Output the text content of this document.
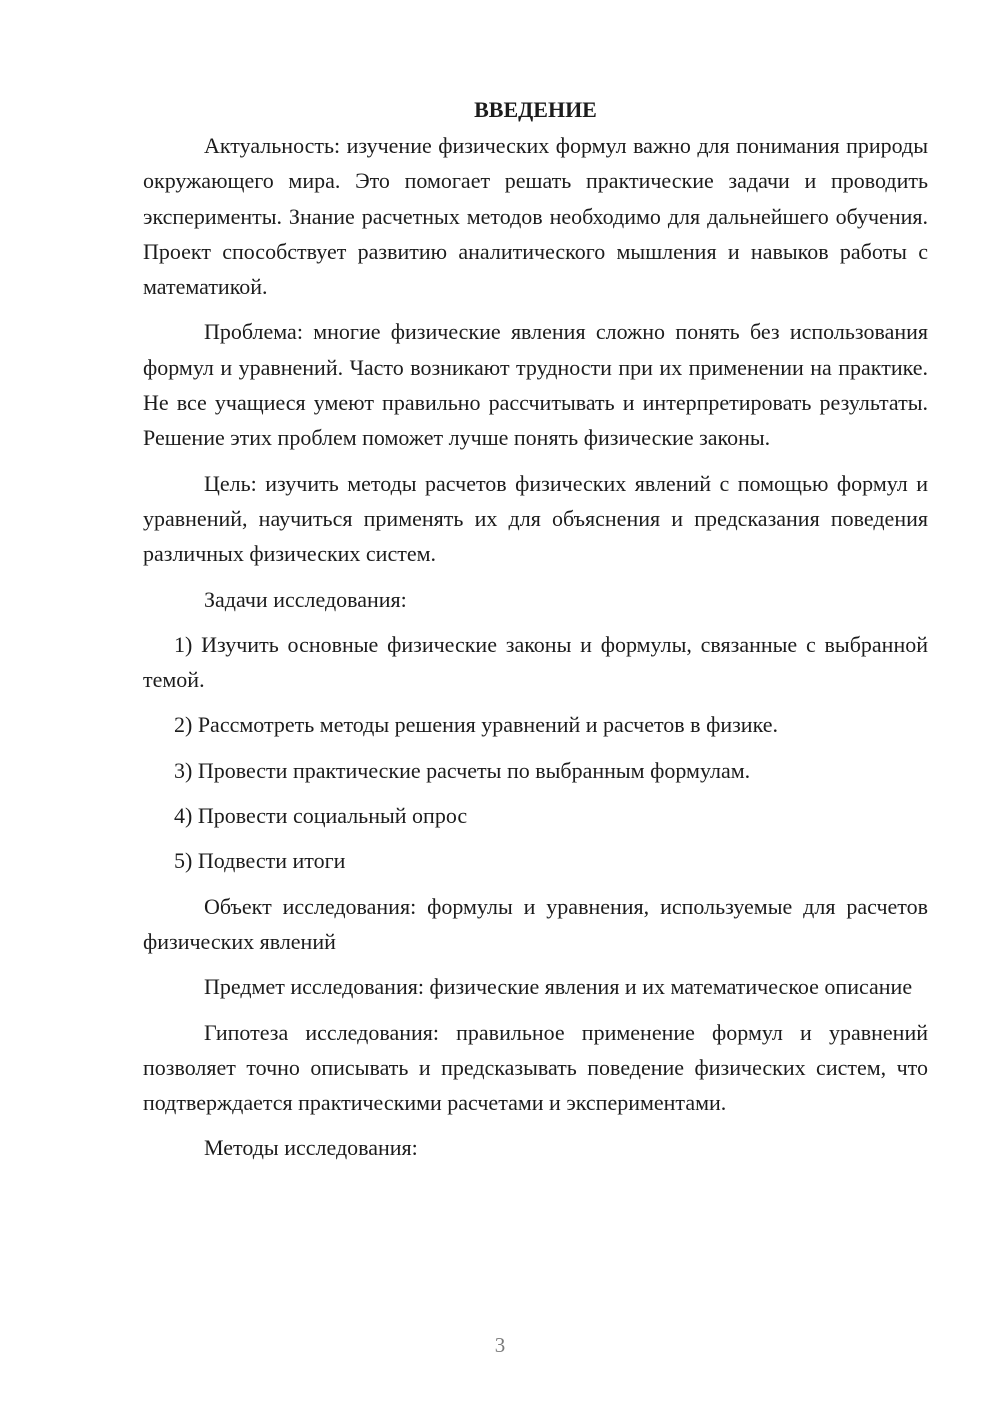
ВВЕДЕНИЕ

Актуальность: изучение физических формул важно для понимания природы окружающего мира. Это помогает решать практические задачи и проводить эксперименты. Знание расчетных методов необходимо для дальнейшего обучения. Проект способствует развитию аналитического мышления и навыков работы с математикой.

Проблема: многие физические явления сложно понять без использования формул и уравнений. Часто возникают трудности при их применении на практике. Не все учащиеся умеют правильно рассчитывать и интерпретировать результаты. Решение этих проблем поможет лучше понять физические законы.

Цель: изучить методы расчетов физических явлений с помощью формул и уравнений, научиться применять их для объяснения и предсказания поведения различных физических систем.

Задачи исследования:

1) Изучить основные физические законы и формулы, связанные с выбранной темой.

2) Рассмотреть методы решения уравнений и расчетов в физике.

3) Провести практические расчеты по выбранным формулам.

4) Провести социальный опрос

5) Подвести итоги

Объект исследования: формулы и уравнения, используемые для расчетов физических явлений

Предмет исследования: физические явления и их математическое описание

Гипотеза исследования: правильное применение формул и уравнений позволяет точно описывать и предсказывать поведение физических систем, что подтверждается практическими расчетами и экспериментами.

Методы исследования:

3
